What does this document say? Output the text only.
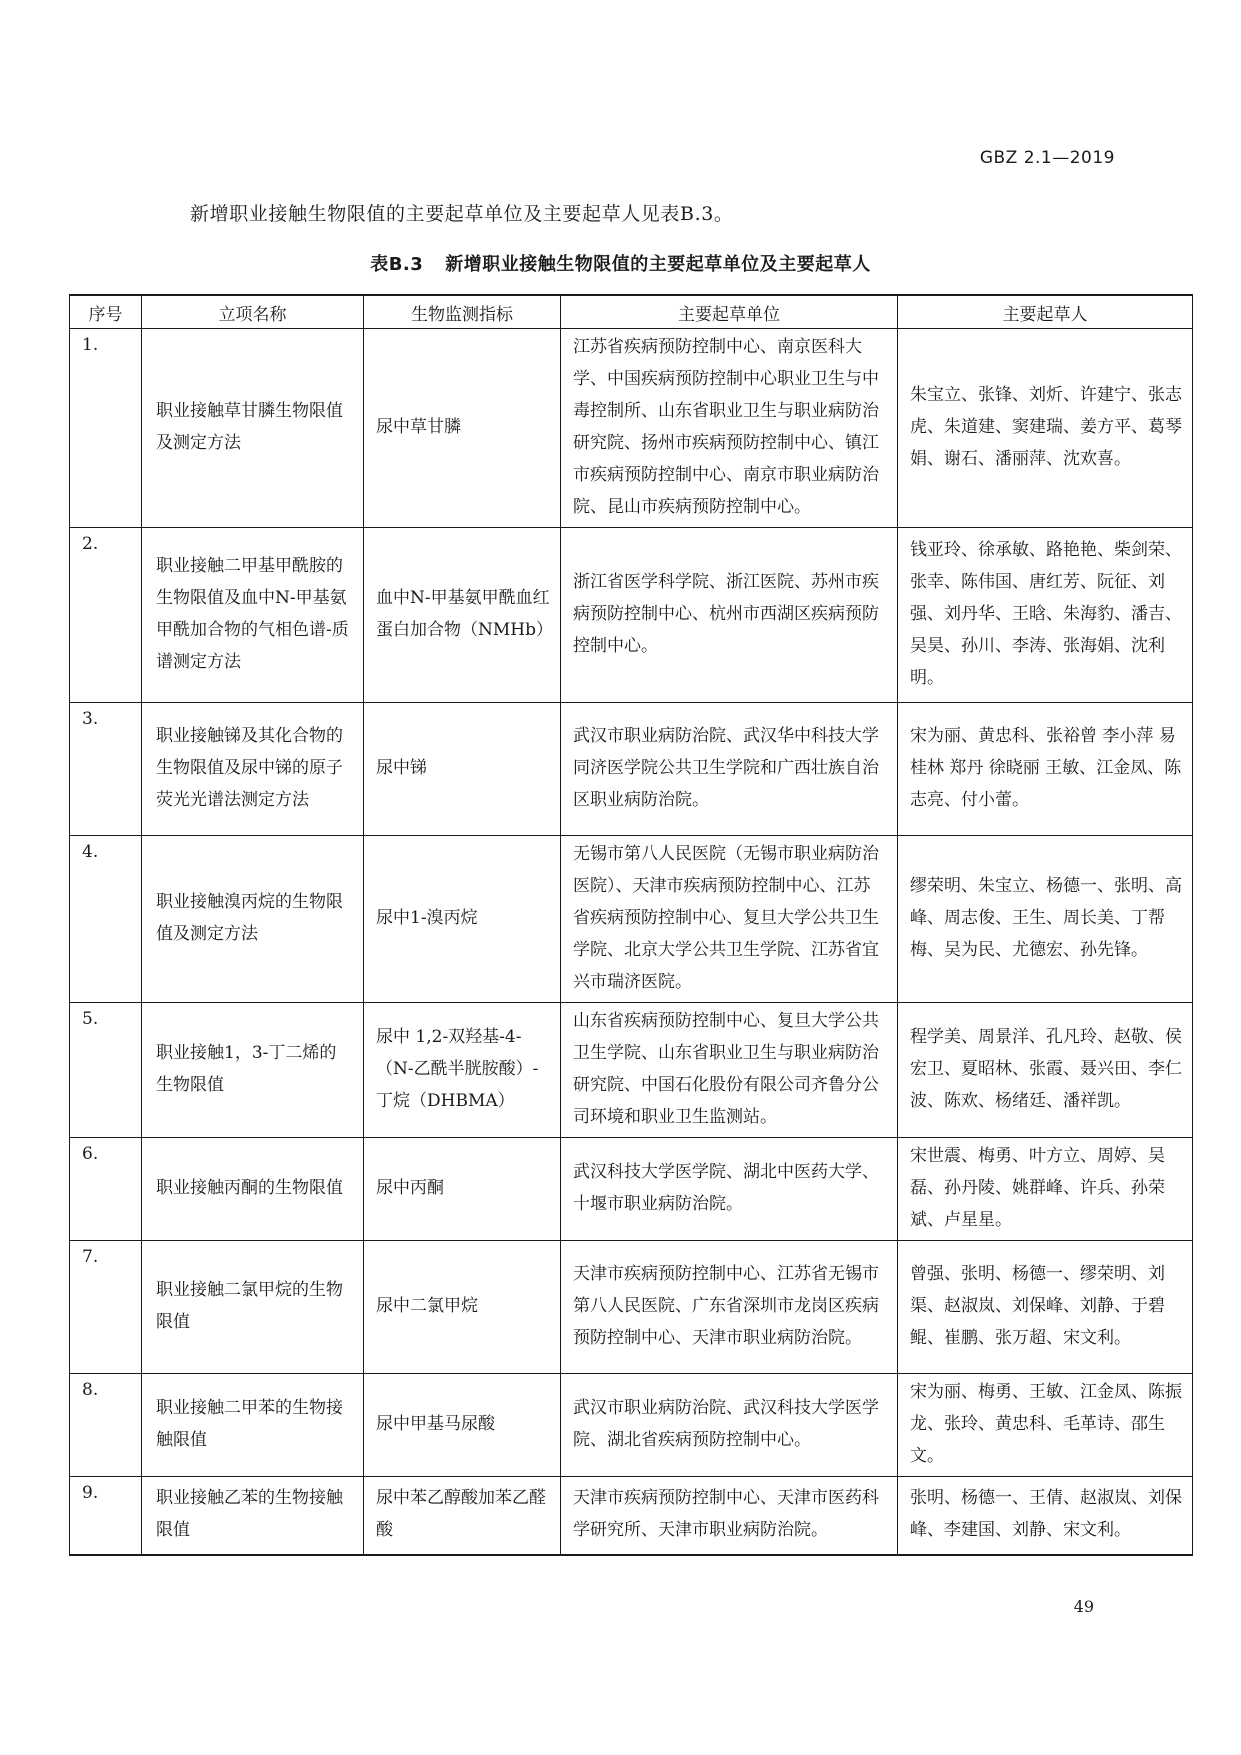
GBZ 2.1—2019
新增职业接触生物限值的主要起草单位及主要起草人见表B.3。
表B.3 新增职业接触生物限值的主要起草单位及主要起草人
序号	立项名称	生物监测指标	主要起草单位	主要起草人
1.	职业接触草甘膦生物限值及测定方法	尿中草甘膦	江苏省疾病预防控制中心、南京医科大学、中国疾病预防控制中心职业卫生与中毒控制所、山东省职业卫生与职业病防治研究院、扬州市疾病预防控制中心、镇江市疾病预防控制中心、南京市职业病防治院、昆山市疾病预防控制中心。	朱宝立、张锋、刘炘、许建宁、张志虎、朱道建、窦建瑞、姜方平、葛琴娟、谢石、潘丽萍、沈欢喜。
2.	职业接触二甲基甲酰胺的生物限值及血中N-甲基氨甲酰加合物的气相色谱-质谱测定方法	血中N-甲基氨甲酰血红蛋白加合物（NMHb）	浙江省医学科学院、浙江医院、苏州市疾病预防控制中心、杭州市西湖区疾病预防控制中心。	钱亚玲、徐承敏、路艳艳、柴剑荣、张幸、陈伟国、唐红芳、阮征、刘强、刘丹华、王晗、朱海豹、潘吉、吴昊、孙川、李涛、张海娟、沈利明。
3.	职业接触锑及其化合物的生物限值及尿中锑的原子荧光光谱法测定方法	尿中锑	武汉市职业病防治院、武汉华中科技大学同济医学院公共卫生学院和广西壮族自治区职业病防治院。	宋为丽、黄忠科、张裕曾 李小萍 易桂林 郑丹 徐晓丽 王敏、江金凤、陈志亮、付小蕾。
4.	职业接触溴丙烷的生物限值及测定方法	尿中1-溴丙烷	无锡市第八人民医院（无锡市职业病防治医院）、天津市疾病预防控制中心、江苏省疾病预防控制中心、复旦大学公共卫生学院、北京大学公共卫生学院、江苏省宜兴市瑞济医院。	缪荣明、朱宝立、杨德一、张明、高峰、周志俊、王生、周长美、丁帮梅、吴为民、尤德宏、孙先锋。
5.	职业接触1，3-丁二烯的生物限值	尿中 1,2-双羟基-4-（N-乙酰半胱胺酸）-丁烷（DHBMA）	山东省疾病预防控制中心、复旦大学公共卫生学院、山东省职业卫生与职业病防治研究院、中国石化股份有限公司齐鲁分公司环境和职业卫生监测站。	程学美、周景洋、孔凡玲、赵敬、侯宏卫、夏昭林、张霞、聂兴田、李仁波、陈欢、杨绪廷、潘祥凯。
6.	职业接触丙酮的生物限值	尿中丙酮	武汉科技大学医学院、湖北中医药大学、十堰市职业病防治院。	宋世震、梅勇、叶方立、周婷、吴磊、孙丹陵、姚群峰、许兵、孙荣斌、卢星星。
7.	职业接触二氯甲烷的生物限值	尿中二氯甲烷	天津市疾病预防控制中心、江苏省无锡市第八人民医院、广东省深圳市龙岗区疾病预防控制中心、天津市职业病防治院。	曾强、张明、杨德一、缪荣明、刘渠、赵淑岚、刘保峰、刘静、于碧鲲、崔鹏、张万超、宋文利。
8.	职业接触二甲苯的生物接触限值	尿中甲基马尿酸	武汉市职业病防治院、武汉科技大学医学院、湖北省疾病预防控制中心。	宋为丽、梅勇、王敏、江金凤、陈振龙、张玲、黄忠科、毛革诗、邵生文。
9.	职业接触乙苯的生物接触限值	尿中苯乙醇酸加苯乙醛酸	天津市疾病预防控制中心、天津市医药科学研究所、天津市职业病防治院。	张明、杨德一、王倩、赵淑岚、刘保峰、李建国、刘静、宋文利。
49
